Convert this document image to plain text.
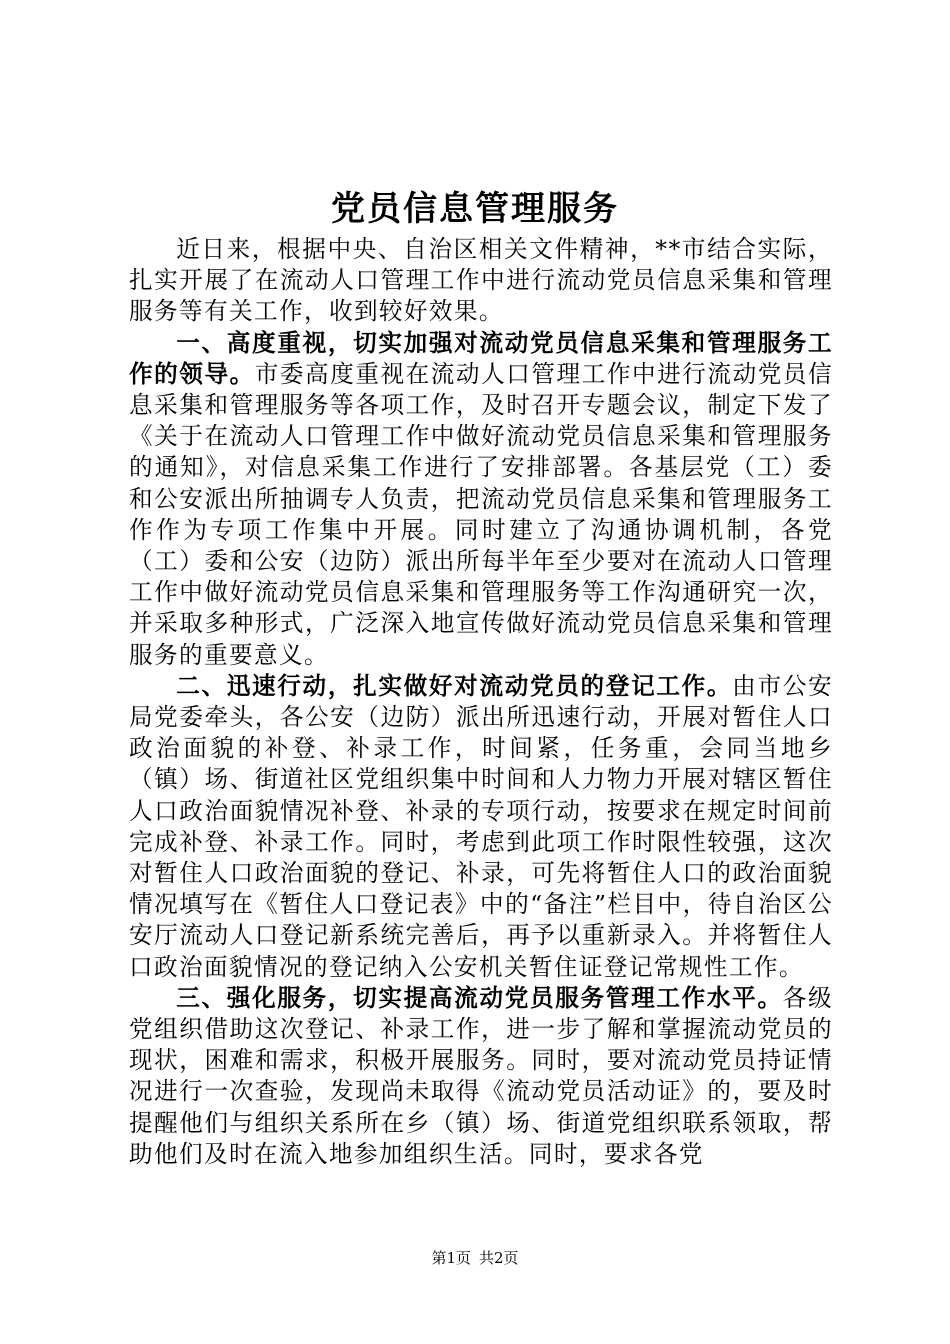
党员信息管理服务

近日来，根据中央、自治区相关文件精神，**市结合实际，扎实开展了在流动人口管理工作中进行流动党员信息采集和管理服务等有关工作，收到较好效果。

一、高度重视，切实加强对流动党员信息采集和管理服务工作的领导。市委高度重视在流动人口管理工作中进行流动党员信息采集和管理服务等各项工作，及时召开专题会议，制定下发了《关于在流动人口管理工作中做好流动党员信息采集和管理服务的通知》，对信息采集工作进行了安排部署。各基层党（工）委和公安派出所抽调专人负责，把流动党员信息采集和管理服务工作作为专项工作集中开展。同时建立了沟通协调机制，各党（工）委和公安（边防）派出所每半年至少要对在流动人口管理工作中做好流动党员信息采集和管理服务等工作沟通研究一次，并采取多种形式，广泛深入地宣传做好流动党员信息采集和管理服务的重要意义。

二、迅速行动，扎实做好对流动党员的登记工作。由市公安局党委牵头，各公安（边防）派出所迅速行动，开展对暂住人口政治面貌的补登、补录工作，时间紧，任务重，会同当地乡（镇）场、街道社区党组织集中时间和人力物力开展对辖区暂住人口政治面貌情况补登、补录的专项行动，按要求在规定时间前完成补登、补录工作。同时，考虑到此项工作时限性较强，这次对暂住人口政治面貌的登记、补录，可先将暂住人口的政治面貌情况填写在《暂住人口登记表》中的“备注”栏目中，待自治区公安厅流动人口登记新系统完善后，再予以重新录入。并将暂住人口政治面貌情况的登记纳入公安机关暂住证登记常规性工作。

三、强化服务，切实提高流动党员服务管理工作水平。各级党组织借助这次登记、补录工作，进一步了解和掌握流动党员的现状，困难和需求，积极开展服务。同时，要对流动党员持证情况进行一次查验，发现尚未取得《流动党员活动证》的，要及时提醒他们与组织关系所在乡（镇）场、街道党组织联系领取，帮助他们及时在流入地参加组织生活。同时，要求各党

第1页 共2页
